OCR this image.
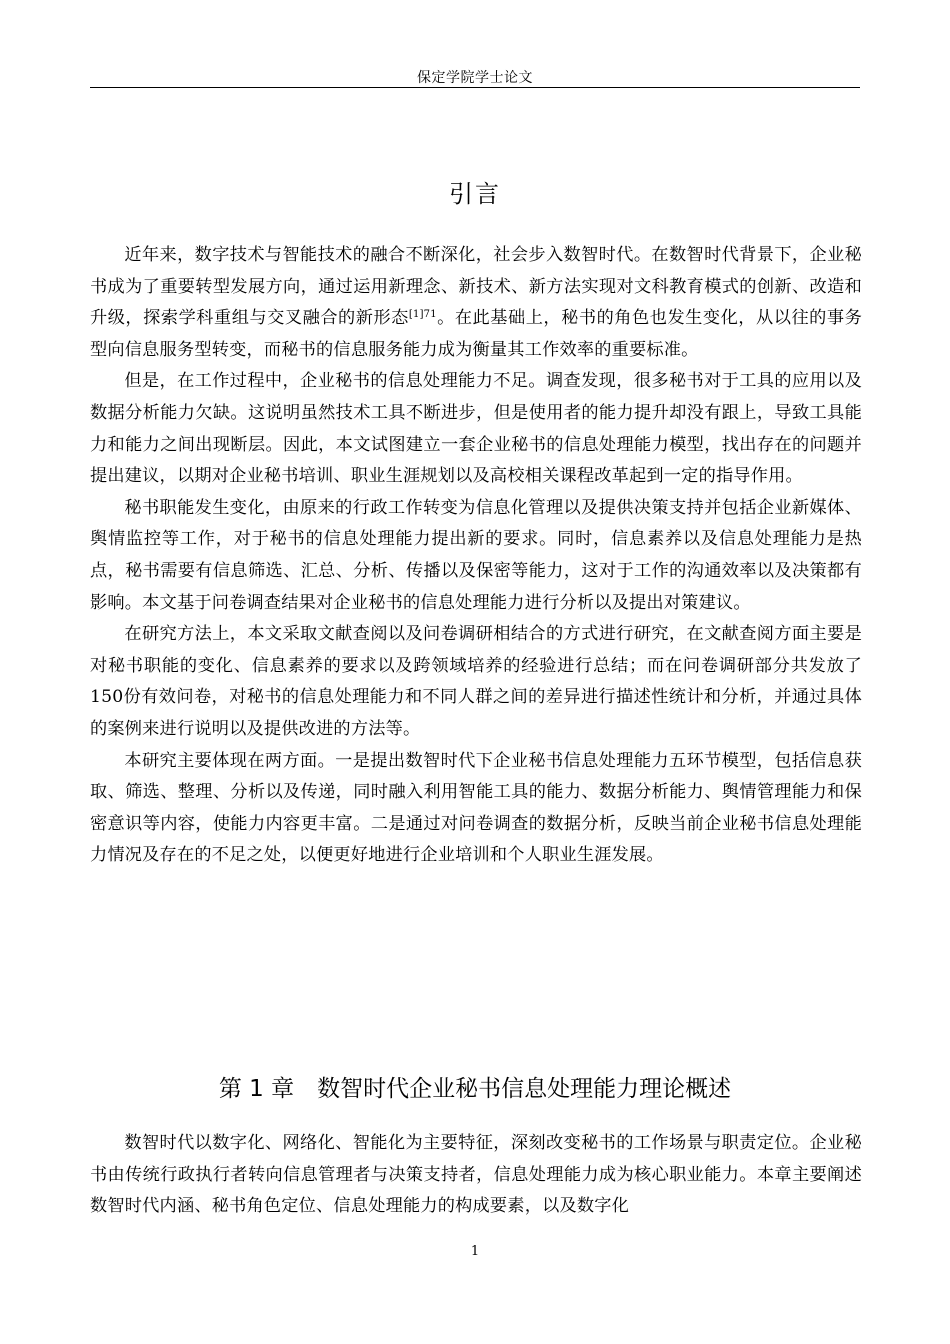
保定学院学士论文
引言

近年来，数字技术与智能技术的融合不断深化，社会步入数智时代。在数智时代背景下，企业秘书成为了重要转型发展方向，通过运用新理念、新技术、新方法实现对文科教育模式的创新、改造和升级，探索学科重组与交叉融合的新形态$^{[1]71}$。在此基础上，秘书的角色也发生变化，从以往的事务型向信息服务型转变，而秘书的信息服务能力成为衡量其工作效率的重要标准。

但是，在工作过程中，企业秘书的信息处理能力不足。调查发现，很多秘书对于工具的应用以及数据分析能力欠缺。这说明虽然技术工具不断进步，但是使用者的能力提升却没有跟上，导致工具能力和能力之间出现断层。因此，本文试图建立一套企业秘书的信息处理能力模型，找出存在的问题并提出建议，以期对企业秘书培训、职业生涯规划以及高校相关课程改革起到一定的指导作用。

秘书职能发生变化，由原来的行政工作转变为信息化管理以及提供决策支持并包括企业新媒体、舆情监控等工作，对于秘书的信息处理能力提出新的要求。同时，信息素养以及信息处理能力是热点，秘书需要有信息筛选、汇总、分析、传播以及保密等能力，这对于工作的沟通效率以及决策都有影响。本文基于问卷调查结果对企业秘书的信息处理能力进行分析以及提出对策建议。

在研究方法上，本文采取文献查阅以及问卷调研相结合的方式进行研究，在文献查阅方面主要是对秘书职能的变化、信息素养的要求以及跨领域培养的经验进行总结；而在问卷调研部分共发放了150份有效问卷，对秘书的信息处理能力和不同人群之间的差异进行描述性统计和分析，并通过具体的案例来进行说明以及提供改进的方法等。

本研究主要体现在两方面。一是提出数智时代下企业秘书信息处理能力五环节模型，包括信息获取、筛选、整理、分析以及传递，同时融入利用智能工具的能力、数据分析能力、舆情管理能力和保密意识等内容，使能力内容更丰富。二是通过对问卷调查的数据分析，反映当前企业秘书信息处理能力情况及存在的不足之处，以便更好地进行企业培训和个人职业生涯发展。

第 1 章　数智时代企业秘书信息处理能力理论概述

数智时代以数字化、网络化、智能化为主要特征，深刻改变秘书的工作场景与职责定位。企业秘书由传统行政执行者转向信息管理者与决策支持者，信息处理能力成为核心职业能力。本章主要阐述数智时代内涵、秘书角色定位、信息处理能力的构成要素，以及数字化

1
